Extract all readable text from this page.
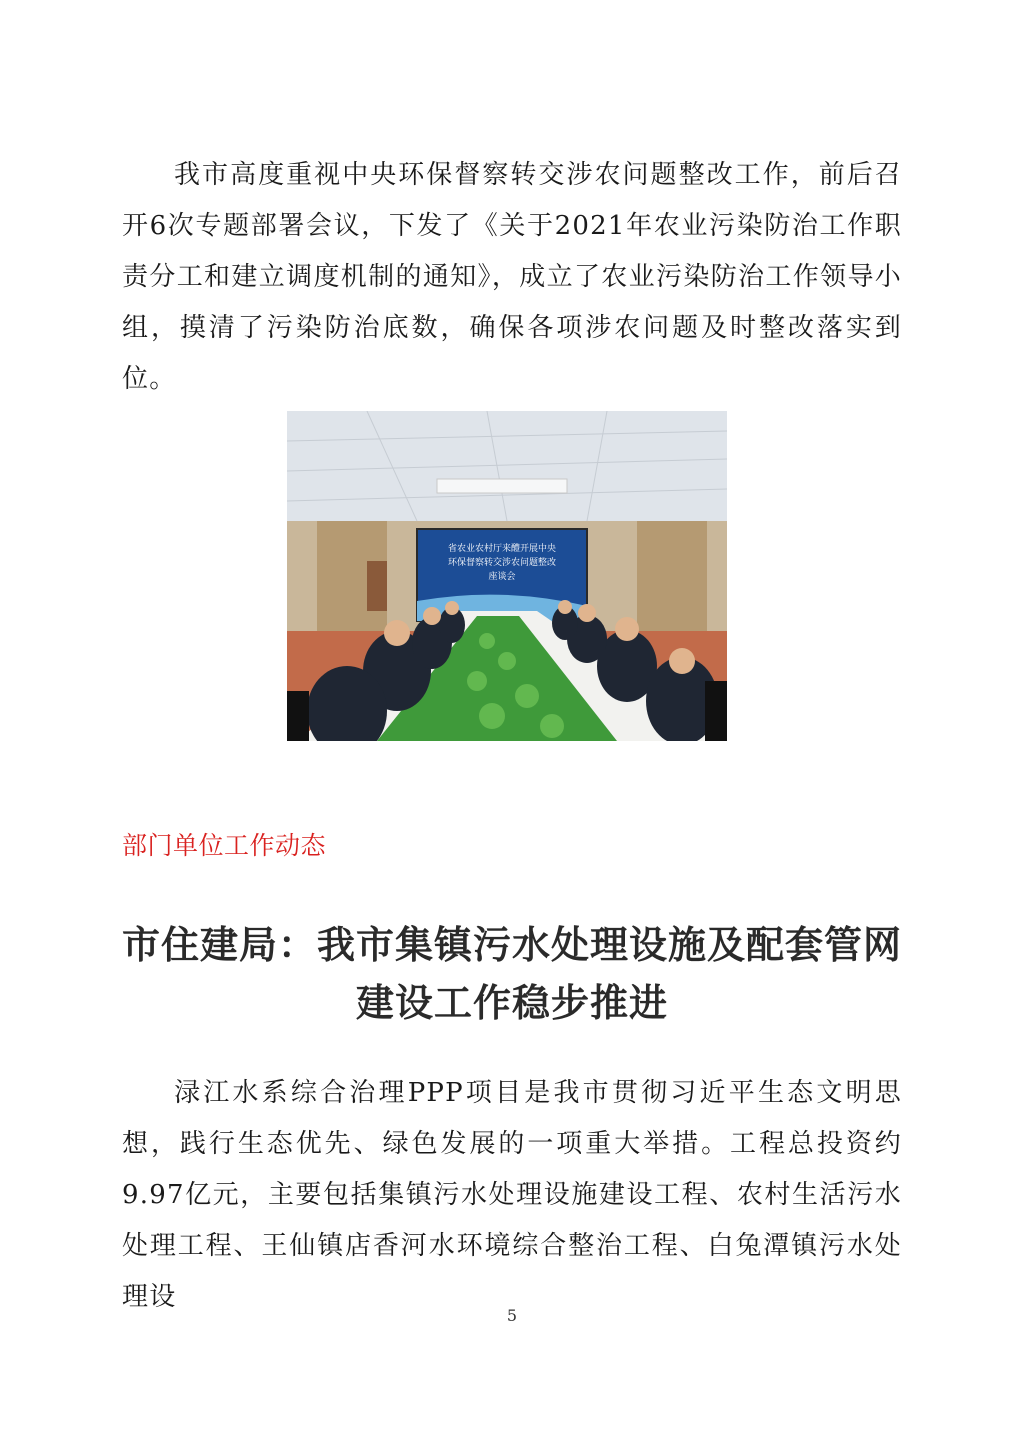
我市高度重视中央环保督察转交涉农问题整改工作，前后召开6次专题部署会议，下发了《关于2021年农业污染防治工作职责分工和建立调度机制的通知》，成立了农业污染防治工作领导小组，摸清了污染防治底数，确保各项涉农问题及时整改落实到位。

省农业农村厅来醴开展中央
环保督察转交涉农问题整改
座谈会

部门单位工作动态

市住建局：我市集镇污水处理设施及配套管网
建设工作稳步推进

渌江水系综合治理PPP项目是我市贯彻习近平生态文明思想，践行生态优先、绿色发展的一项重大举措。工程总投资约9.97亿元，主要包括集镇污水处理设施建设工程、农村生活污水处理工程、王仙镇店香河水环境综合整治工程、白兔潭镇污水处理设

5
